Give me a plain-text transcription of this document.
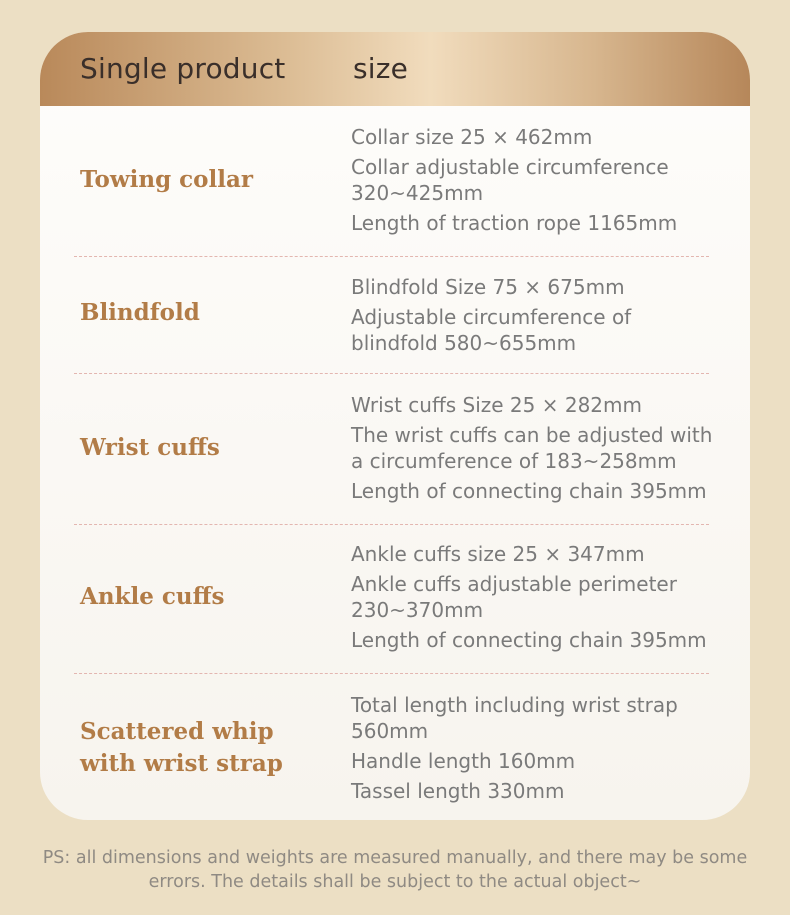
Single product size
Towing collar
Collar size 25 × 462mm
Collar adjustable circumference 320~425mm
Length of traction rope 1165mm
Blindfold
Blindfold Size 75 × 675mm
Adjustable circumference of blindfold 580~655mm
Wrist cuffs
Wrist cuffs Size 25 × 282mm
The wrist cuffs can be adjusted with a circumference of 183~258mm
Length of connecting chain 395mm
Ankle cuffs
Ankle cuffs size 25 × 347mm
Ankle cuffs adjustable perimeter 230~370mm
Length of connecting chain 395mm
Scattered whip with wrist strap
Total length including wrist strap 560mm
Handle length 160mm
Tassel length 330mm
PS: all dimensions and weights are measured manually, and there may be some errors. The details shall be subject to the actual object~
